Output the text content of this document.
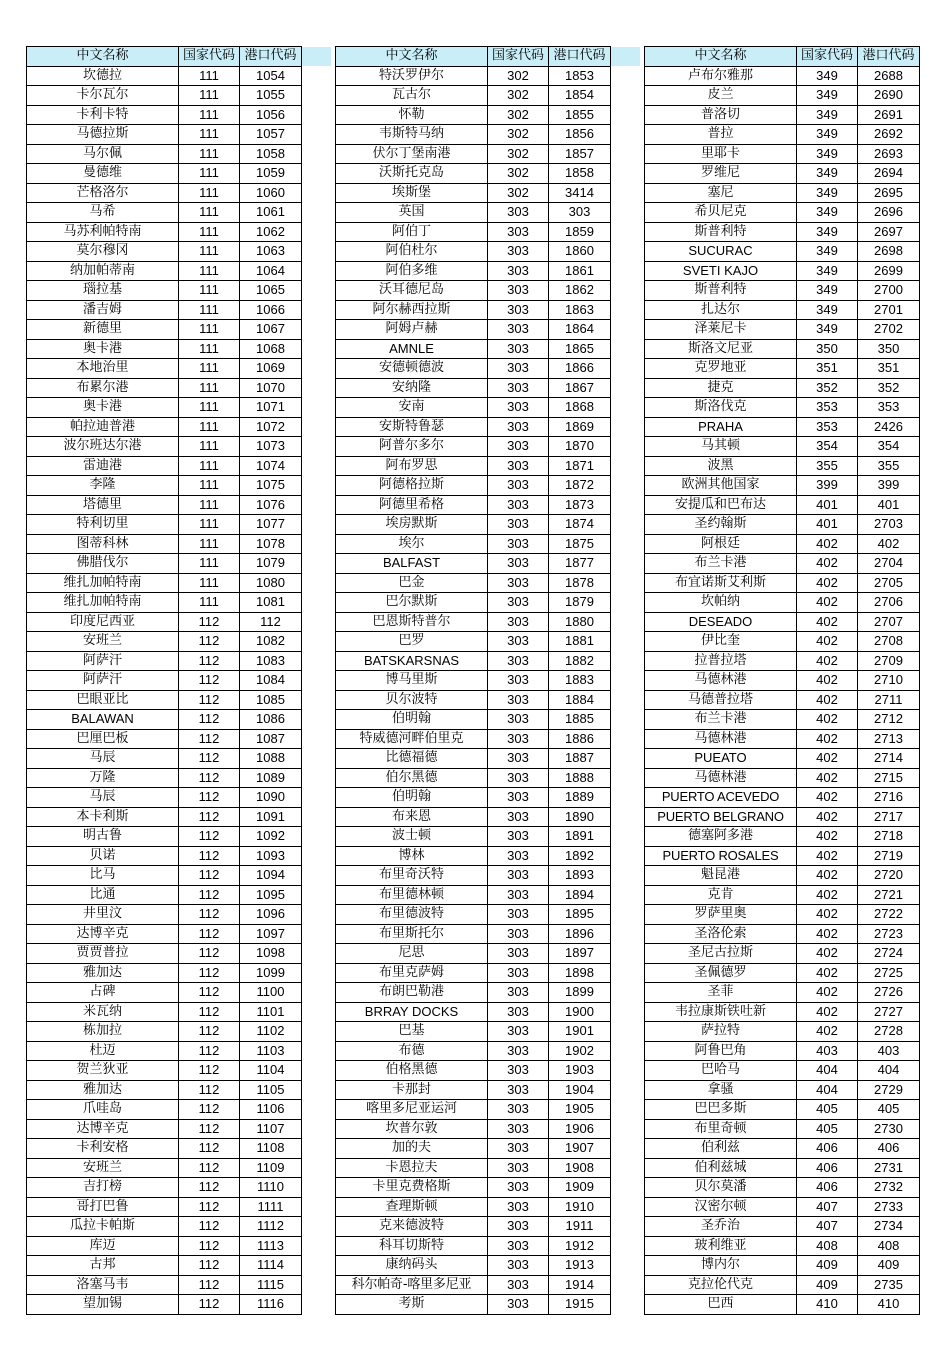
中文名称	国家代码	港口代码	
坎德拉	111	1054	
卡尔瓦尔	111	1055	
卡利卡特	111	1056	
马德拉斯	111	1057	
马尔佩	111	1058	
曼德维	111	1059	
芒格洛尔	111	1060	
马希	111	1061	
马苏利帕特南	111	1062	
莫尔穆冈	111	1063	
纳加帕蒂南	111	1064	
瑙拉基	111	1065	
潘吉姆	111	1066	
新德里	111	1067	
奥卡港	111	1068	
本地治里	111	1069	
布累尔港	111	1070	
奥卡港	111	1071	
帕拉迪普港	111	1072	
波尔班达尔港	111	1073	
雷迪港	111	1074	
李隆	111	1075	
塔德里	111	1076	
特利切里	111	1077	
图蒂科林	111	1078	
佛腊伐尔	111	1079	
维扎加帕特南	111	1080	
维扎加帕特南	111	1081	
印度尼西亚	112	112	
安班兰	112	1082	
阿萨汗	112	1083	
阿萨汗	112	1084	
巴眼亚比	112	1085	
BALAWAN	112	1086	
巴厘巴板	112	1087	
马辰	112	1088	
万隆	112	1089	
马辰	112	1090	
本卡利斯	112	1091	
明古鲁	112	1092	
贝诺	112	1093	
比马	112	1094	
比通	112	1095	
井里汶	112	1096	
达博辛克	112	1097	
贾贾普拉	112	1098	
雅加达	112	1099	
占碑	112	1100	
米瓦纳	112	1101	
栋加拉	112	1102	
杜迈	112	1103	
贺兰狄亚	112	1104	
雅加达	112	1105	
爪哇岛	112	1106	
达博辛克	112	1107	
卡利安格	112	1108	
安班兰	112	1109	
吉打榜	112	1110	
哥打巴鲁	112	1111	
瓜拉卡帕斯	112	1112	
库迈	112	1113	
古邦	112	1114	
洛塞马韦	112	1115	
望加锡	112	1116	
中文名称	国家代码	港口代码	
特沃罗伊尔	302	1853	
瓦古尔	302	1854	
怀勒	302	1855	
韦斯特马纳	302	1856	
伏尔丁堡南港	302	1857	
沃斯托克岛	302	1858	
埃斯堡	302	3414	
英国	303	303	
阿伯丁	303	1859	
阿伯杜尔	303	1860	
阿伯多维	303	1861	
沃耳德尼岛	303	1862	
阿尔赫西拉斯	303	1863	
阿姆卢赫	303	1864	
AMNLE	303	1865	
安德顿德波	303	1866	
安纳隆	303	1867	
安南	303	1868	
安斯特鲁瑟	303	1869	
阿普尔多尔	303	1870	
阿布罗思	303	1871	
阿德格拉斯	303	1872	
阿德里希格	303	1873	
埃房默斯	303	1874	
埃尔	303	1875	
BALFAST	303	1877	
巴金	303	1878	
巴尔默斯	303	1879	
巴恩斯特普尔	303	1880	
巴罗	303	1881	
BATSKARSNAS	303	1882	
博马里斯	303	1883	
贝尔波特	303	1884	
伯明翰	303	1885	
特威德河畔伯里克	303	1886	
比德福德	303	1887	
伯尔黑德	303	1888	
伯明翰	303	1889	
布来恩	303	1890	
波士顿	303	1891	
博林	303	1892	
布里奇沃特	303	1893	
布里德林顿	303	1894	
布里德波特	303	1895	
布里斯托尔	303	1896	
尼思	303	1897	
布里克萨姆	303	1898	
布朗巴勒港	303	1899	
BRRAY DOCKS	303	1900	
巴基	303	1901	
布德	303	1902	
伯格黑德	303	1903	
卡那封	303	1904	
喀里多尼亚运河	303	1905	
坎普尔敦	303	1906	
加的夫	303	1907	
卡恩拉夫	303	1908	
卡里克费格斯	303	1909	
查理斯顿	303	1910	
克来德波特	303	1911	
科耳切斯特	303	1912	
康纳码头	303	1913	
科尔帕奇-喀里多尼亚	303	1914	
考斯	303	1915	
中文名称	国家代码	港口代码
卢布尔雅那	349	2688
皮兰	349	2690
普洛切	349	2691
普拉	349	2692
里耶卡	349	2693
罗维尼	349	2694
塞尼	349	2695
希贝尼克	349	2696
斯普利特	349	2697
SUCURAC	349	2698
SVETI KAJO	349	2699
斯普利特	349	2700
扎达尔	349	2701
泽莱尼卡	349	2702
斯洛文尼亚	350	350
克罗地亚	351	351
捷克	352	352
斯洛伐克	353	353
PRAHA	353	2426
马其顿	354	354
波黑	355	355
欧洲其他国家	399	399
安提瓜和巴布达	401	401
圣约翰斯	401	2703
阿根廷	402	402
布兰卡港	402	2704
布宜诺斯艾利斯	402	2705
坎帕纳	402	2706
DESEADO	402	2707
伊比奎	402	2708
拉普拉塔	402	2709
马德林港	402	2710
马德普拉塔	402	2711
布兰卡港	402	2712
马德林港	402	2713
PUEATO	402	2714
马德林港	402	2715
PUERTO ACEVEDO	402	2716
PUERTO BELGRANO	402	2717
德塞阿多港	402	2718
PUERTO ROSALES	402	2719
魁昆港	402	2720
克肯	402	2721
罗萨里奥	402	2722
圣洛伦索	402	2723
圣尼古拉斯	402	2724
圣佩德罗	402	2725
圣菲	402	2726
韦拉康斯铁吐新	402	2727
萨拉特	402	2728
阿鲁巴角	403	403
巴哈马	404	404
拿骚	404	2729
巴巴多斯	405	405
布里奇顿	405	2730
伯利兹	406	406
伯利兹城	406	2731
贝尔莫潘	406	2732
汉密尔顿	407	2733
圣乔治	407	2734
玻利维亚	408	408
博内尔	409	409
克拉伦代克	409	2735
巴西	410	410
